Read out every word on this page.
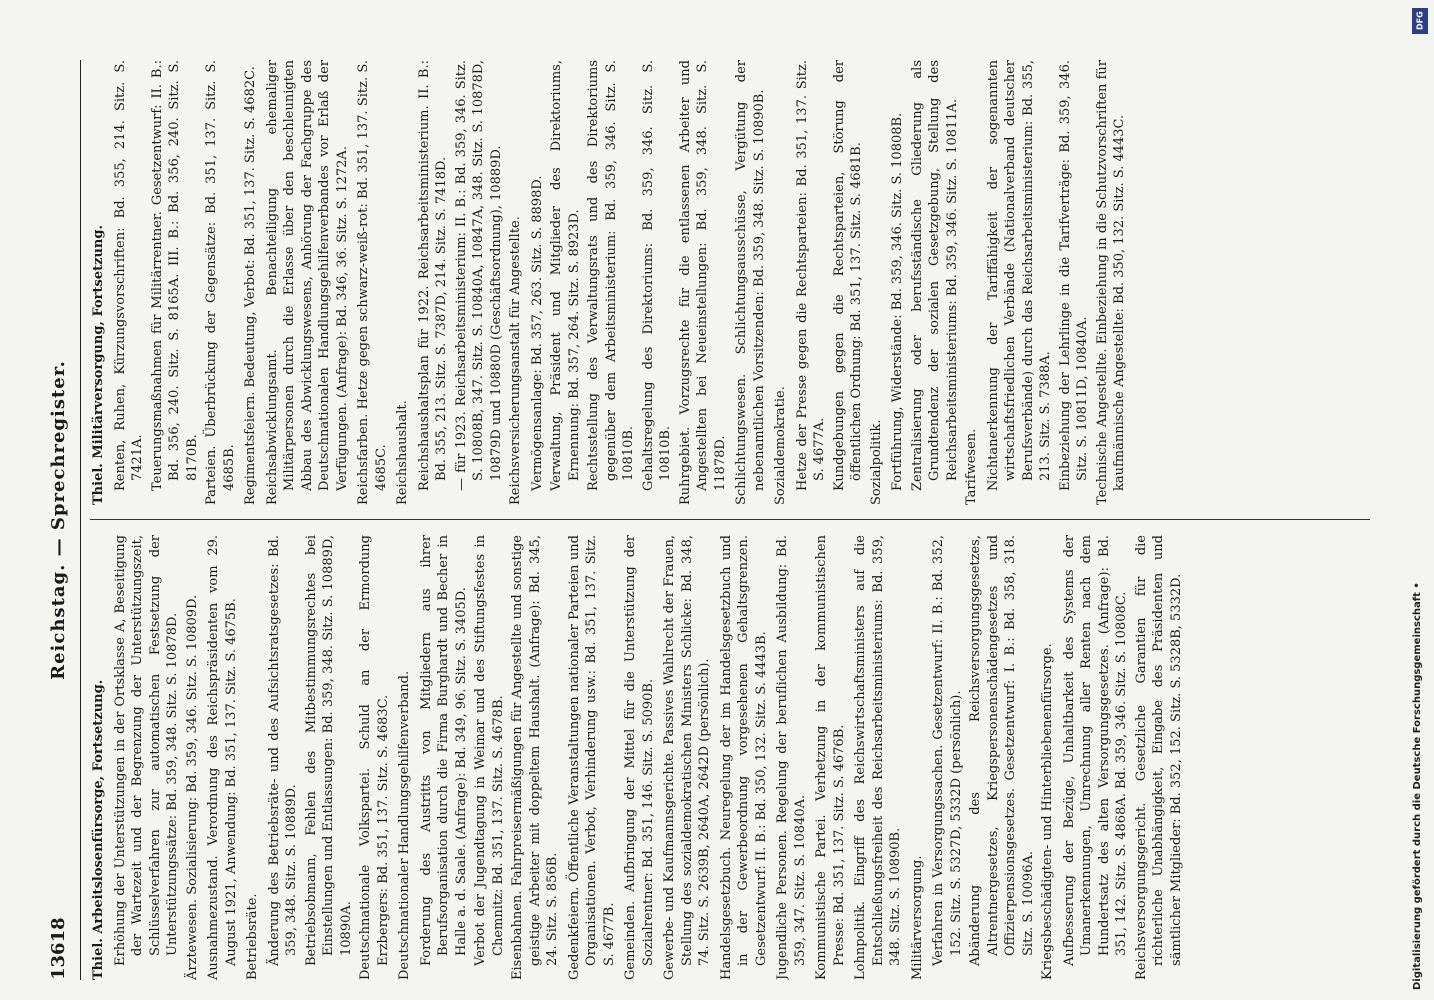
13618
Reichstag. — Sprechregister.
Thiel. Arbeitslosenfürsorge, Fortsetzung. Erhöhung der Unterstützungen in der Ortsklasse A, Beseitigung der Wartezeit und der Begrenzung der Unterstützungszeit, Schlüsselverfahren zur automatischen Festsetzung der Unterstützungssätze: Bd. 359, 348. Sitz. S. 10878D. Ärztewesen. Sozialisierung: Bd. 359, 346. Sitz. S. 10809D. Ausnahmezustand. Verordnung des Reichspräsidenten vom 29. August 1921, Anwendung: Bd. 351, 137. Sitz. S. 4675B. Betriebsräte. Änderung des Betriebsräte- und des Aufsichtsratsgesetzes: Bd. 359, 348. Sitz. S. 10889D. Betriebsobmann, Fehlen des Mitbestimmungsrechtes bei Einstellungen und Entlassungen: Bd. 359, 348. Sitz. S. 10889D, 10890A. Deutschnationale Volkspartei. Schuld an der Ermordung Erzbergers: Bd. 351, 137. Sitz. S. 4683C. Deutschnationaler Handlungsgehilfenverband. Forderung des Austritts von Mitgliedern aus ihrer Berufsorganisation durch die Firma Burghardt und Becher in Halle a. d. Saale. (Anfrage): Bd. 349, 96. Sitz. S. 3405D. Verbot der Jugendtagung in Weimar und des Stiftungsfestes in Chemnitz: Bd. 351, 137. Sitz. S. 4678B. Eisenbahnen. Fahrpreisermäßigungen für Angestellte und sonstige geistige Arbeiter mit doppeltem Haushalt. (Anfrage): Bd. 345, 24. Sitz. S. 856B. Gedenkfeiern. Öffentliche Veranstaltungen nationaler Parteien und Organisationen. Verbot, Verhinderung usw.: Bd. 351, 137. Sitz. S. 4677B. Gemeinden. Aufbringung der Mittel für die Unterstützung der Sozialrentner: Bd. 351, 146. Sitz. S. 5090B. Gewerbe- und Kaufmannsgerichte. Passives Wahlrecht der Frauen, Stellung des sozialdemokratischen Ministers Schlicke: Bd. 348, 74. Sitz. S. 2639B, 2640A, 2642D (persönlich). Handelsgesetzbuch. Neuregelung der im Handelsgesetzbuch und in der Gewerbeordnung vorgesehenen Gehaltsgrenzen. Gesetzentwurf: II. B.: Bd. 350, 132. Sitz. S. 4443B. Jugendliche Personen. Regelung der beruflichen Ausbildung: Bd. 359, 347. Sitz. S. 10840A. Kommunistische Partei. Verhetzung in der kommunistischen Presse: Bd. 351, 137. Sitz. S. 4676B. Lohnpolitik. Eingriff des Reichswirtschaftsministers auf die Entschließungsfreiheit des Reichsarbeitsministeriums: Bd. 359, 348. Sitz. S. 10890B. Militärversorgung. Verfahren in Versorgungssachen. Gesetzentwurf: II. B.: Bd. 352, 152. Sitz. S. 5327D, 5332D (persönlich). Abänderung des Reichsversorgungsgesetzes, Altrentnergesetzes, Kriegspersonenschädengesetzes und Offizierpensionsgesetzes. Gesetzentwurf: I. B.: Bd. 358, 318. Sitz. S. 10096A. Kriegsbeschädigten- und Hinterbliebenenfürsorge. Aufbesserung der Bezüge, Unhaltbarkeit des Systems der Umanerkennungen, Umrechnung aller Renten nach dem Hundertsatz des alten Versorgungsgesetzes. (Anfrage): Bd. 351, 142. Sitz. S. 4868A. Bd. 359, 346. Sitz. S. 10808C. Reichsversorgungsgericht. Gesetzliche Garantien für die richterliche Unabhängigkeit, Eingabe des Präsidenten und sämtlicher Mitglieder: Bd. 352, 152. Sitz. S. 5328B, 5332D.

Thiel. Militärversorgung, Fortsetzung. Renten, Ruhen, Kürzungsvorschriften: Bd. 355, 214. Sitz. S. 7421A. Teuerungsmaßnahmen für Militärrentner. Gesetzentwurf: II. B.: Bd. 356, 240. Sitz. S. 8165A. III. B.: Bd. 356, 240. Sitz. S. 8170B. Parteien. Überbrückung der Gegensätze: Bd. 351, 137. Sitz. S. 4685B. Regimentsfeiern. Bedeutung, Verbot: Bd. 351, 137. Sitz. S. 4682C. Reichsabwicklungsamt. Benachteiligung ehemaliger Militärpersonen durch die Erlasse über den beschleunigten Abbau des Abwicklungswesens, Anhörung der Fachgruppe des Deutschnationalen Handlungsgehilfenverbandes vor Erlaß der Verfügungen. (Anfrage): Bd. 346, 36. Sitz. S. 1272A. Reichsfarben. Hetze gegen schwarz-weiß-rot: Bd. 351, 137. Sitz. S. 4685C. Reichshaushalt. Reichshaushaltsplan für 1922. Reichsarbeitsministerium. II. B.: Bd. 355, 213. Sitz. S. 7387D, 214. Sitz. S. 7418D. — für 1923. Reichsarbeitsministerium: II. B.: Bd. 359, 346. Sitz. S. 10808B, 347. Sitz. S. 10840A, 10847A, 348. Sitz. S. 10878D, 10879D und 10880D (Geschäftsordnung), 10889D. Reichsversicherungsanstalt für Angestellte. Vermögensanlage: Bd. 357, 263. Sitz. S. 8898D. Verwaltung, Präsident und Mitglieder des Direktoriums, Ernennung: Bd. 357, 264. Sitz. S. 8923D. Rechtsstellung des Verwaltungsrats und des Direktoriums gegenüber dem Arbeitsministerium: Bd. 359, 346. Sitz. S. 10810B. Gehaltsregelung des Direktoriums: Bd. 359, 346. Sitz. S. 10810B. Ruhrgebiet. Vorzugsrechte für die entlassenen Arbeiter und Angestellten bei Neueinstellungen: Bd. 359, 348. Sitz. S. 11878D. Schlichtungswesen. Schlichtungsausschüsse, Vergütung der nebenamtlichen Vorsitzenden: Bd. 359, 348. Sitz. S. 10890B. Sozialdemokratie. Hetze der Presse gegen die Rechtsparteien: Bd. 351, 137. Sitz. S. 4677A. Kundgebungen gegen die Rechtsparteien, Störung der öffentlichen Ordnung: Bd. 351, 137. Sitz. S. 4681B. Sozialpolitik. Fortführung, Widerstände: Bd. 359, 346. Sitz. S. 10808B. Zentralisierung oder berufsständische Gliederung als Grundtendenz der sozialen Gesetzgebung, Stellung des Reichsarbeitsministeriums: Bd. 359, 346. Sitz. S. 10811A. Tarifwesen. Nichtanerkennung der Tariffähigkeit der sogenannten wirtschaftsfriedlichen Verbände (Nationalverband deutscher Berufsverbände) durch das Reichsarbeitsministerium: Bd. 355, 213. Sitz. S. 7388A. Einbeziehung der Lehrlinge in die Tarifverträge: Bd. 359, 346. Sitz. S. 10811D, 10840A. Technische Angestellte. Einbeziehung in die Schutzvorschriften für kaufmännische Angestellte: Bd. 350, 132. Sitz. S. 4443C.

DFG
Digitalisierung gefördert durch die Deutsche Forschungsgemeinschaft •
